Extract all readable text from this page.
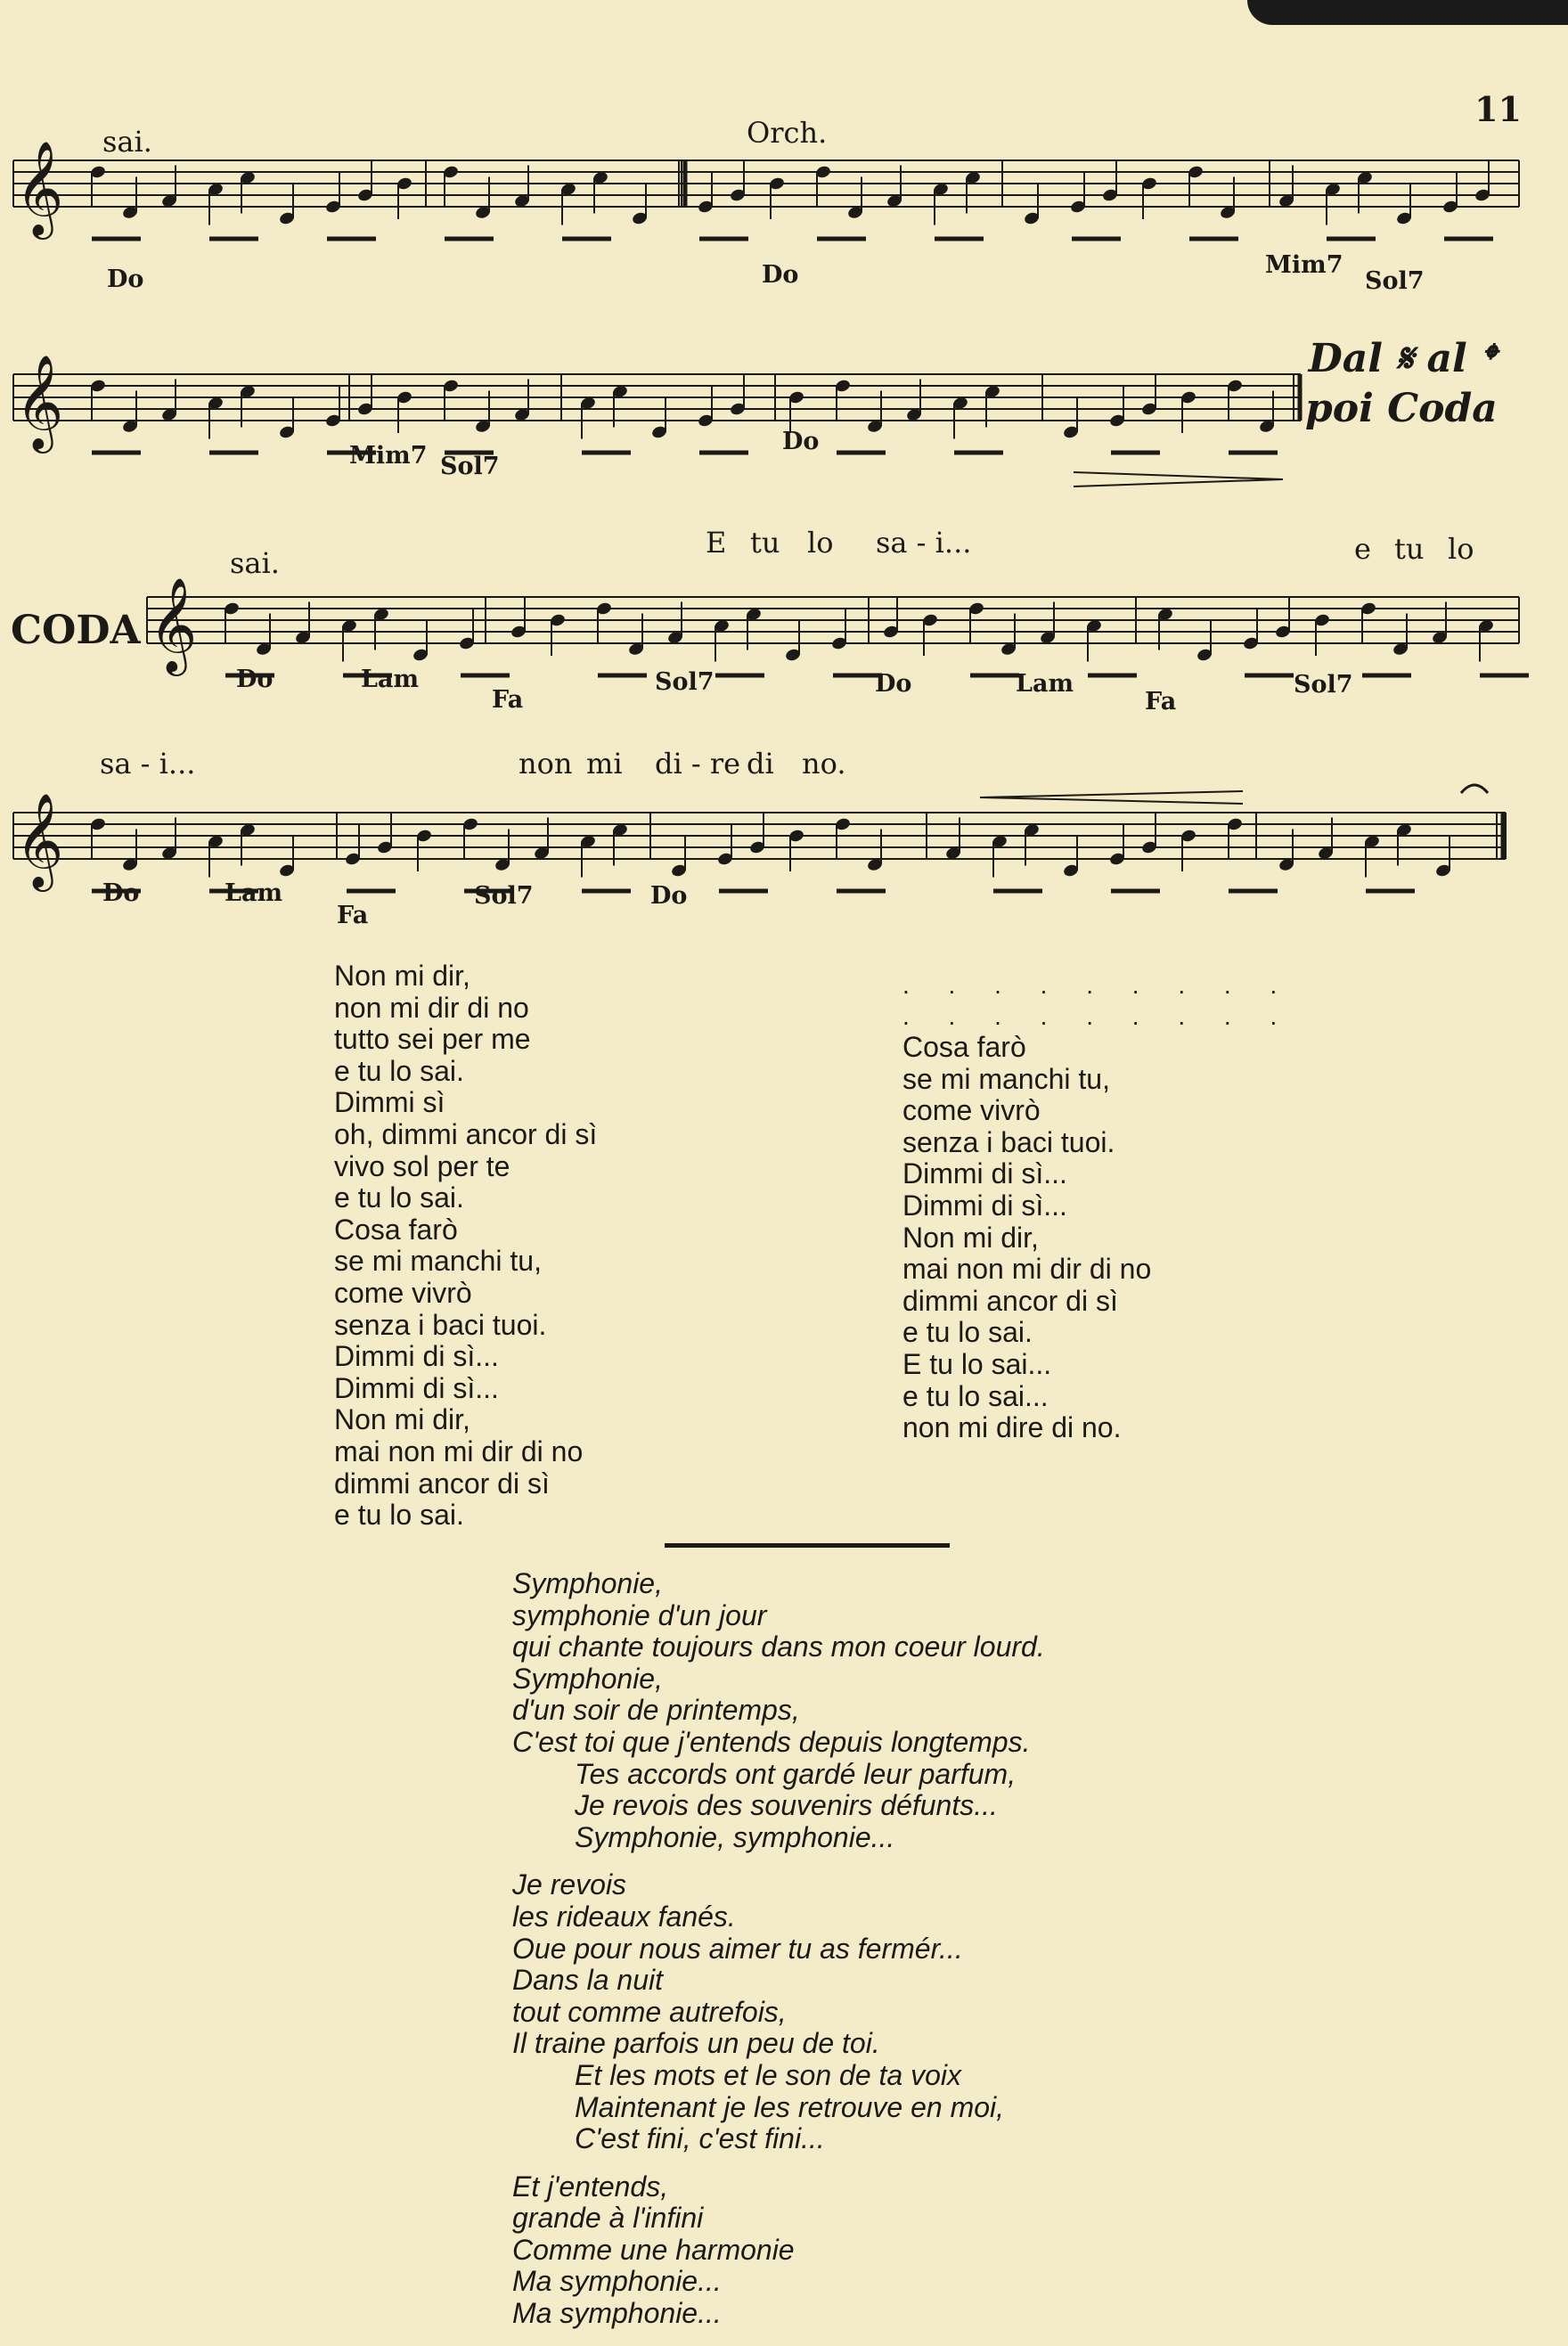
11
𝄞
𝄞
𝄞
𝄞
sai.	Orch.
Do	Do	Mim7
Sol7
Mim7 Sol7
Do
Dal 𝄋 al 𝄌
poi Coda
CODA
sai.
E tu lo sa - i...	e tu lo
Do	Lam
Fa
Sol7	Do	Lam
Fa
Sol7
sa - i...	non mi di - re di no.
Do	Lam
Fa
Sol7	Do
Non mi dir,
non mi dir di no
tutto sei per me
e tu lo sai.
Dimmi sì
oh, dimmi ancor di sì
vivo sol per te
e tu lo sai.
Cosa farò
se mi manchi tu,
come vivrò
senza i baci tuoi.
Dimmi di sì...
Dimmi di sì...
Non mi dir,
mai non mi dir di no
dimmi ancor di sì
e tu lo sai.
. . . . . . . . .
. . . . . . . . .
Cosa farò
se mi manchi tu,
come vivrò
senza i baci tuoi.
Dimmi di sì...
Dimmi di sì...
Non mi dir,
mai non mi dir di no
dimmi ancor di sì
e tu lo sai.
E tu lo sai...
e tu lo sai...
non mi dire di no.
Symphonie,
symphonie d'un jour
qui chante toujours dans mon coeur lourd.
Symphonie,
d'un soir de printemps,
C'est toi que j'entends depuis longtemps.
Tes accords ont gardé leur parfum,
Je revois des souvenirs défunts...
Symphonie, symphonie...
Je revois
les rideaux fanés.
Oue pour nous aimer tu as fermér...
Dans la nuit
tout comme autrefois,
Il traine parfois un peu de toi.
Et les mots et le son de ta voix
Maintenant je les retrouve en moi,
C'est fini, c'est fini...
Et j'entends,
grande à l'infini
Comme une harmonie
Ma symphonie...
Ma symphonie...
